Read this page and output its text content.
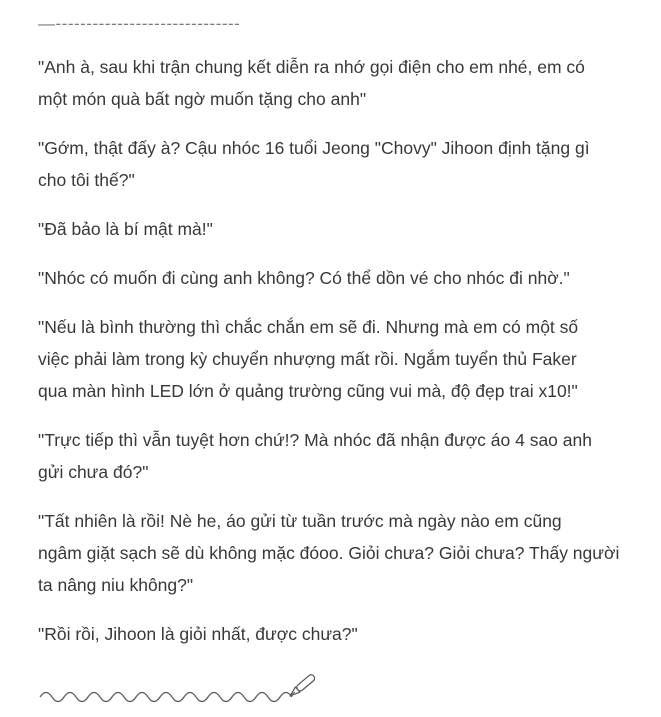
—------------------------------

"Anh à, sau khi trận chung kết diễn ra nhớ gọi điện cho em nhé, em có
một món quà bất ngờ muốn tặng cho anh"

"Gớm, thật đấy à? Cậu nhóc 16 tuổi Jeong "Chovy" Jihoon định tặng gì
cho tôi thế?"

"Đã bảo là bí mật mà!"

"Nhóc có muốn đi cùng anh không? Có thể dồn vé cho nhóc đi nhờ."

"Nếu là bình thường thì chắc chắn em sẽ đi. Nhưng mà em có một số
việc phải làm trong kỳ chuyển nhượng mất rồi. Ngắm tuyển thủ Faker
qua màn hình LED lớn ở quảng trường cũng vui mà, độ đẹp trai x10!"

"Trực tiếp thì vẫn tuyệt hơn chứ!? Mà nhóc đã nhận được áo 4 sao anh
gửi chưa đó?"

"Tất nhiên là rồi! Nè he, áo gửi từ tuần trước mà ngày nào em cũng
ngâm giặt sạch sẽ dù không mặc đóoo. Giỏi chưa? Giỏi chưa? Thấy người
ta nâng niu không?"

"Rồi rồi, Jihoon là giỏi nhất, được chưa?"
